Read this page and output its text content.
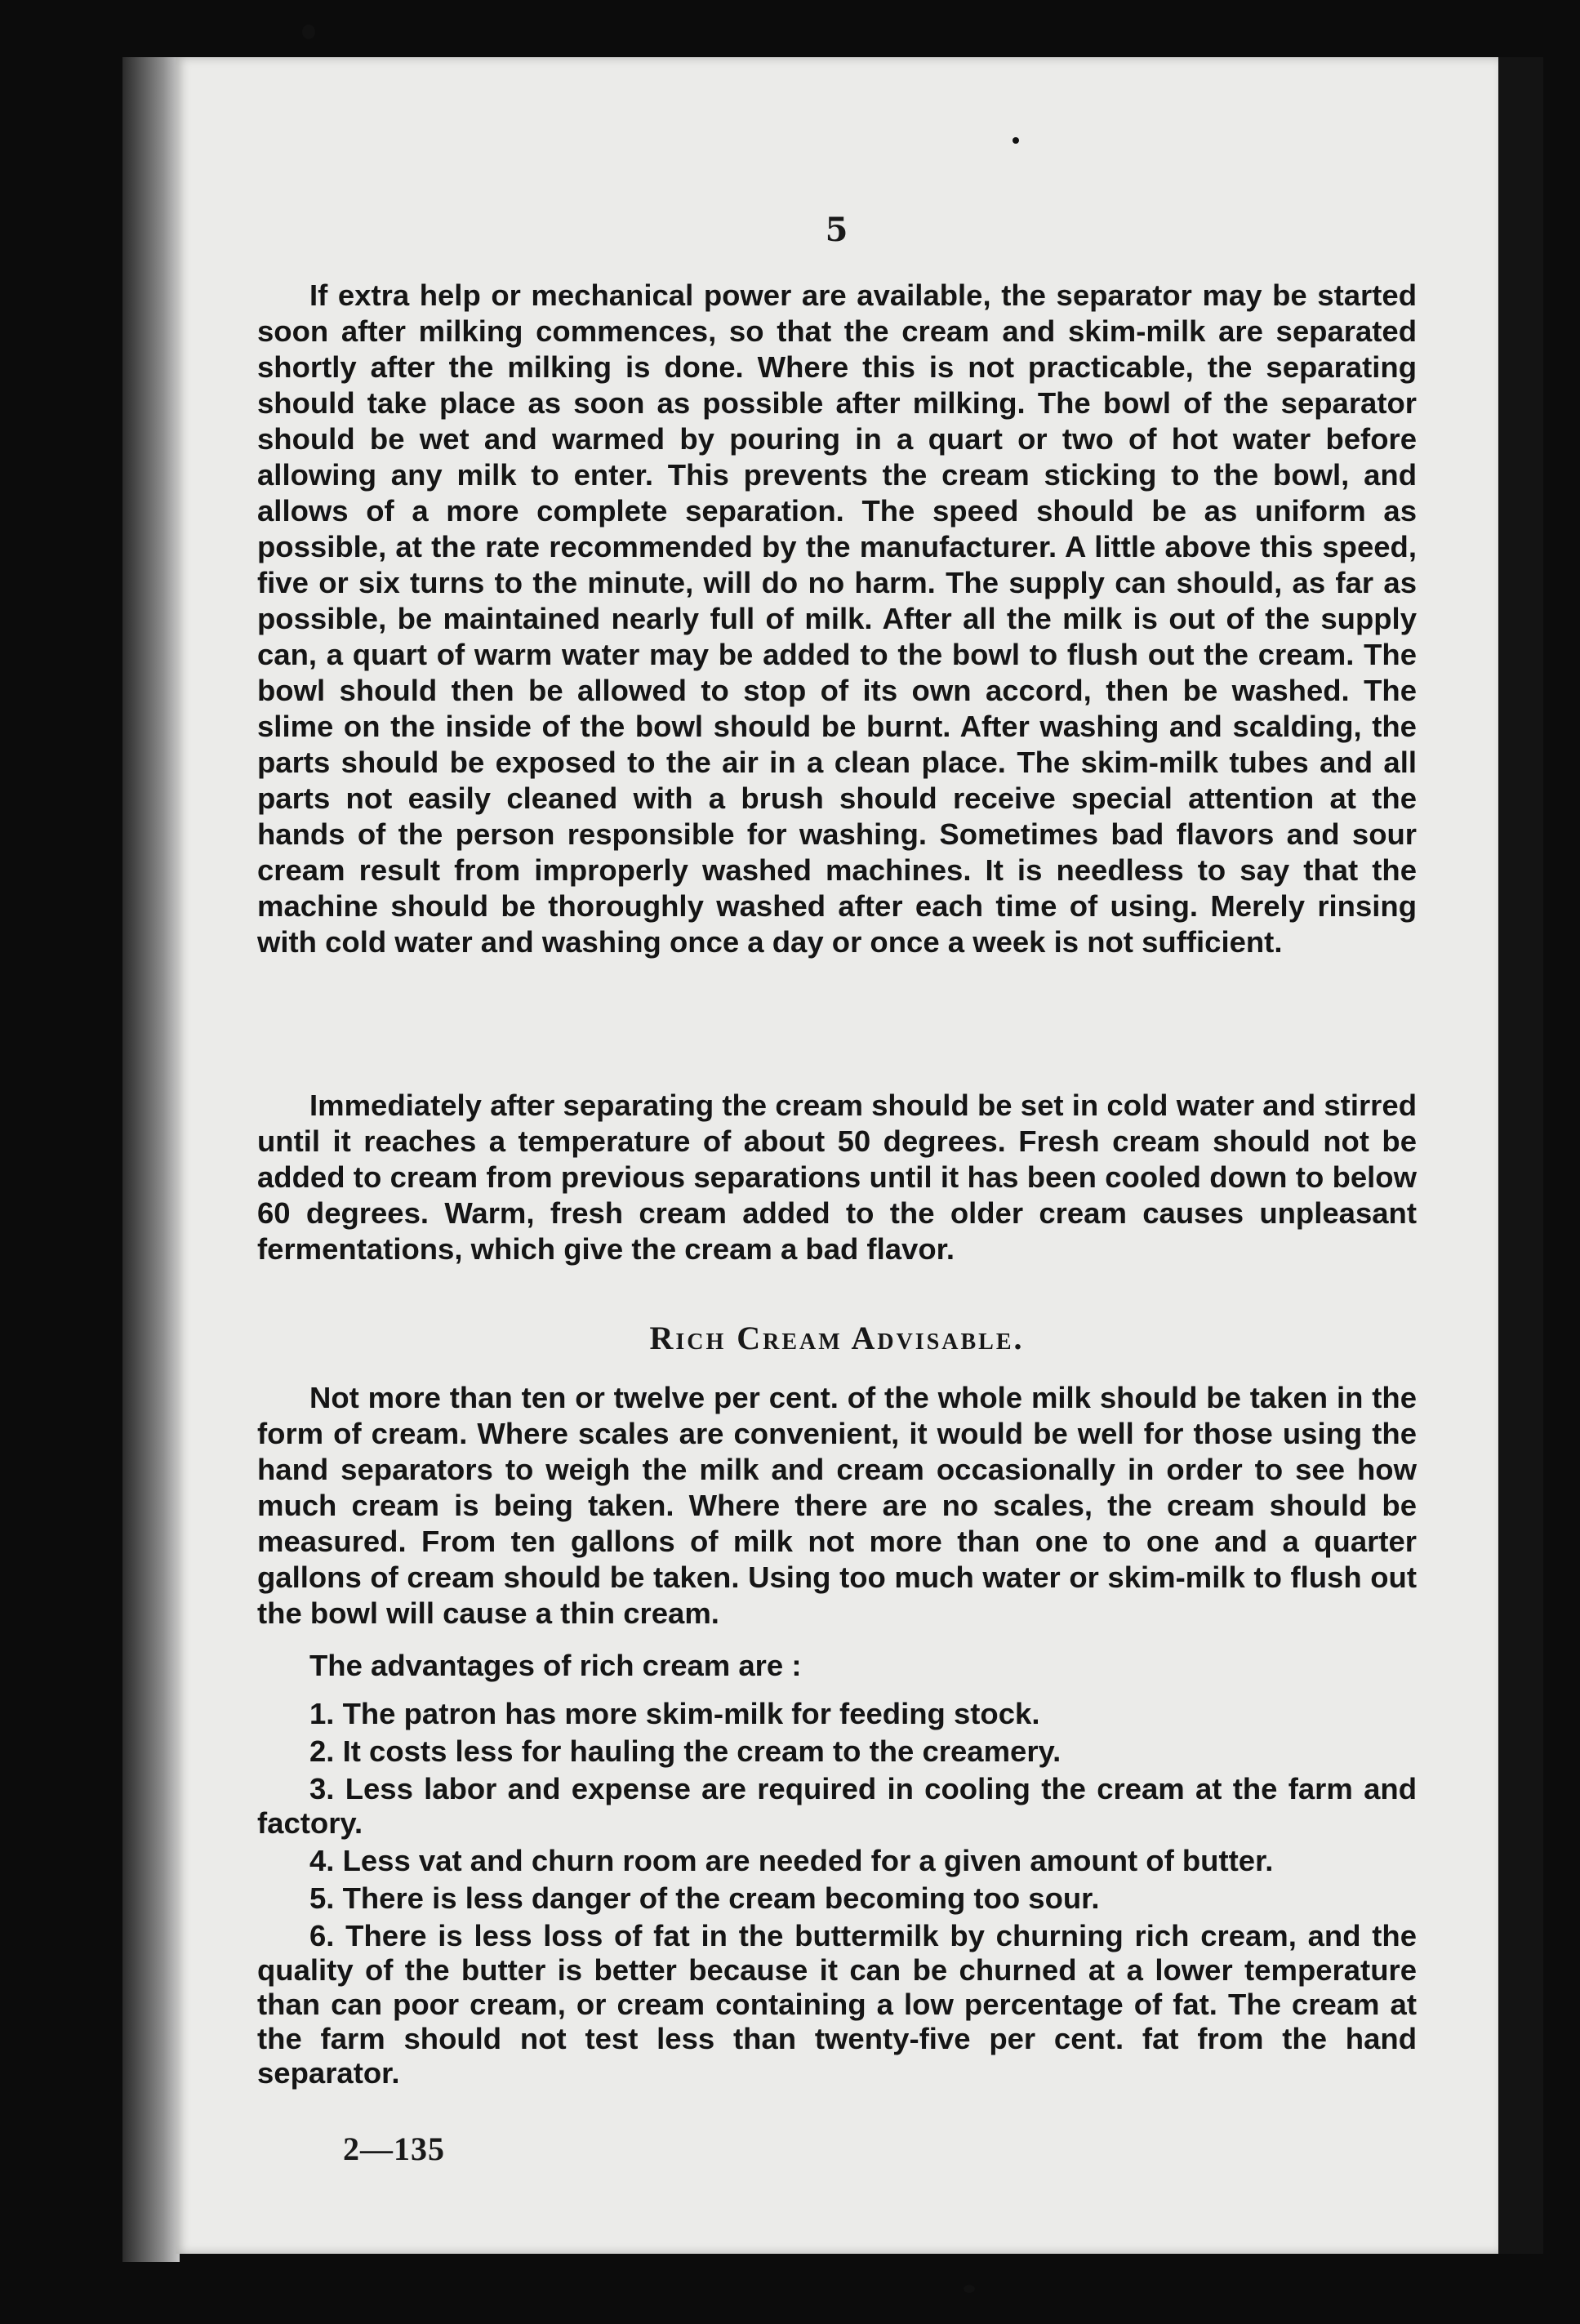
5

If extra help or mechanical power are available, the separator may be started soon after milking commences, so that the cream and skim-milk are separated shortly after the milking is done. Where this is not practicable, the separating should take place as soon as possible after milking. The bowl of the separator should be wet and warmed by pouring in a quart or two of hot water before allowing any milk to enter. This prevents the cream sticking to the bowl, and allows of a more complete separation. The speed should be as uniform as possible, at the rate recommended by the manufacturer. A little above this speed, five or six turns to the minute, will do no harm. The supply can should, as far as possible, be maintained nearly full of milk. After all the milk is out of the supply can, a quart of warm water may be added to the bowl to flush out the cream. The bowl should then be allowed to stop of its own accord, then be washed. The slime on the inside of the bowl should be burnt. After washing and scalding, the parts should be exposed to the air in a clean place. The skim-milk tubes and all parts not easily cleaned with a brush should receive special attention at the hands of the person responsible for washing. Sometimes bad flavors and sour cream result from improperly washed machines. It is needless to say that the machine should be thoroughly washed after each time of using. Merely rinsing with cold water and washing once a day or once a week is not sufficient.

Immediately after separating the cream should be set in cold water and stirred until it reaches a temperature of about 50 degrees. Fresh cream should not be added to cream from previous separations until it has been cooled down to below 60 degrees. Warm, fresh cream added to the older cream causes unpleasant fermentations, which give the cream a bad flavor.

Rich Cream Advisable.

Not more than ten or twelve per cent. of the whole milk should be taken in the form of cream. Where scales are convenient, it would be well for those using the hand separators to weigh the milk and cream occasionally in order to see how much cream is being taken. Where there are no scales, the cream should be measured. From ten gallons of milk not more than one to one and a quarter gallons of cream should be taken. Using too much water or skim-milk to flush out the bowl will cause a thin cream.

The advantages of rich cream are :

1. The patron has more skim-milk for feeding stock.
2. It costs less for hauling the cream to the creamery.
3. Less labor and expense are required in cooling the cream at the farm and factory.
4. Less vat and churn room are needed for a given amount of butter.
5. There is less danger of the cream becoming too sour.
6. There is less loss of fat in the buttermilk by churning rich cream, and the quality of the butter is better because it can be churned at a lower temperature than can poor cream, or cream containing a low percentage of fat. The cream at the farm should not test less than twenty-five per cent. fat from the hand separator.
2—135
